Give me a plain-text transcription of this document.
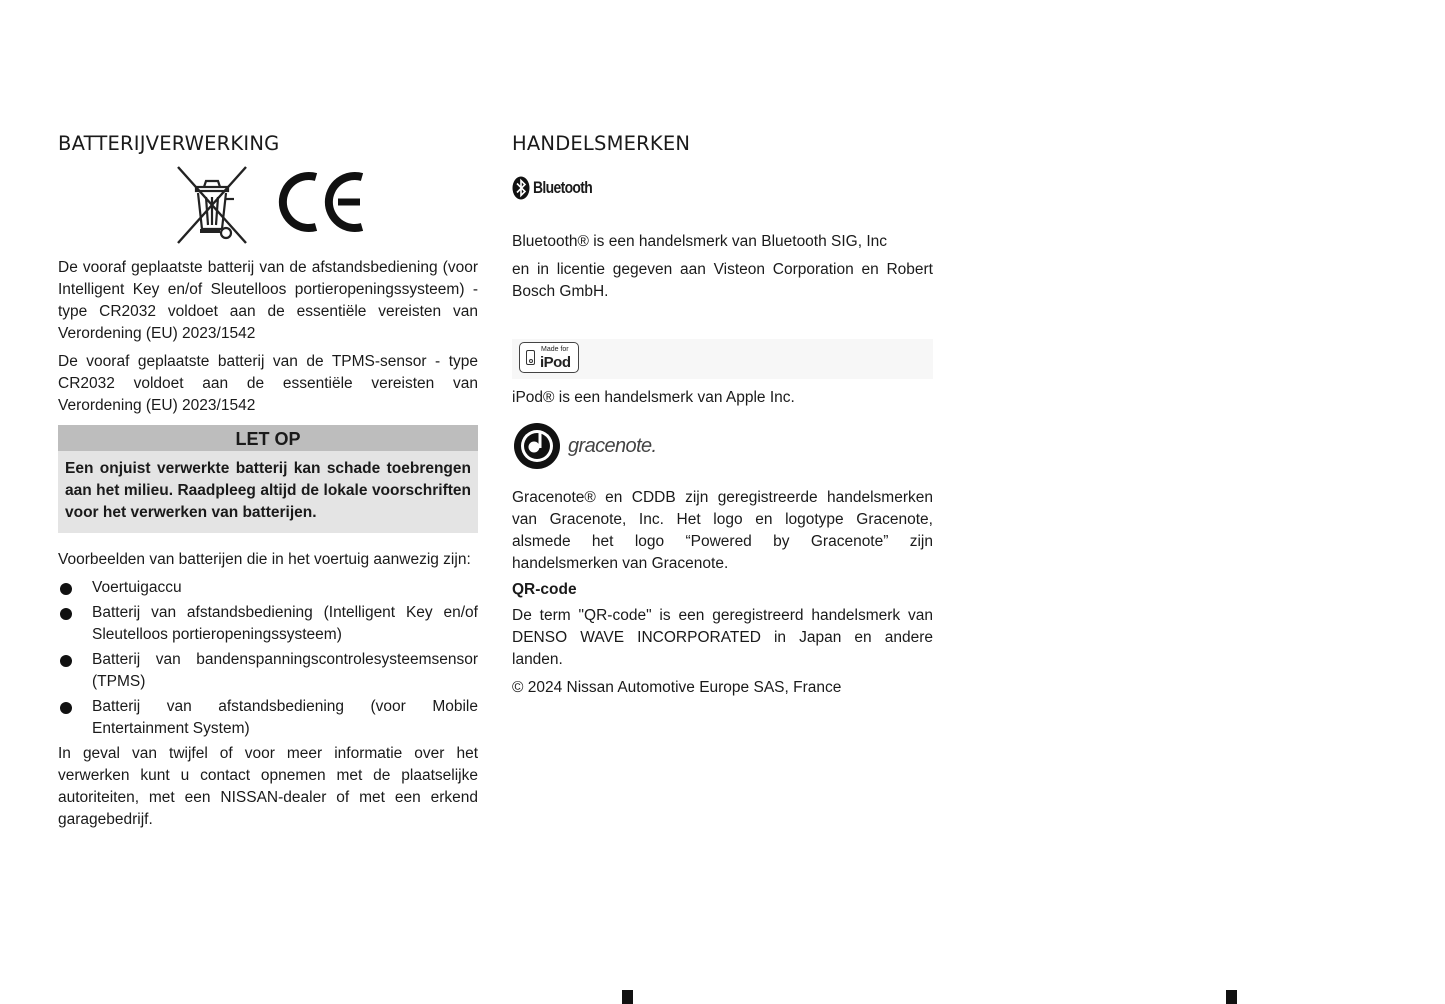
BATTERIJVERWERKING

De vooraf geplaatste batterij van de afstandsbediening (voor Intelligent Key en/of Sleutelloos portieropeningssysteem) - type CR2032 voldoet aan de essentiële vereisten van Verordening (EU) 2023/1542

De vooraf geplaatste batterij van de TPMS-sensor - type CR2032 voldoet aan de essentiële vereisten van Verordening (EU) 2023/1542

LET OP
Een onjuist verwerkte batterij kan schade toebrengen aan het milieu. Raadpleeg altijd de lokale voorschriften voor het verwerken van batterijen.

Voorbeelden van batterijen die in het voertuig aanwezig zijn:

Voertuigaccu
Batterij van afstandsbediening (Intelligent Key en/of Sleutelloos portieropeningssysteem)
Batterij van bandenspanningscontrolesysteemsensor (TPMS)
Batterij van afstandsbediening (voor Mobile Entertainment System)

In geval van twijfel of voor meer informatie over het verwerken kunt u contact opnemen met de plaatselijke autoriteiten, met een NISSAN-dealer of met een erkend garagebedrijf.

HANDELSMERKEN
Bluetooth

Bluetooth® is een handelsmerk van Bluetooth SIG, Inc

en in licentie gegeven aan Visteon Corporation en Robert Bosch GmbH.

Made for
iPod

iPod® is een handelsmerk van Apple Inc.

gracenote.

Gracenote® en CDDB zijn geregistreerde handelsmerken van Gracenote, Inc. Het logo en logotype Gracenote, alsmede het logo “Powered by Gracenote” zijn handelsmerken van Gracenote.

QR-code

De term "QR-code" is een geregistreerd handelsmerk van DENSO WAVE INCORPORATED in Japan en andere landen.

© 2024 Nissan Automotive Europe SAS, France
